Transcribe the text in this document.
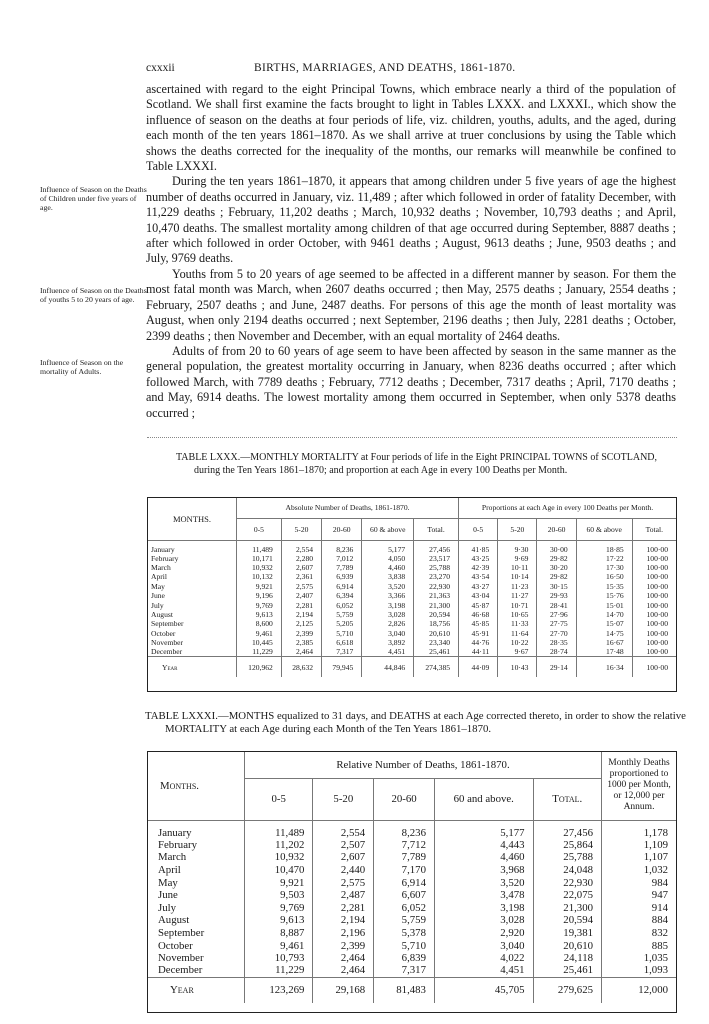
cxxxii	BIRTHS, MARRIAGES, AND DEATHS, 1861-1870.

ascertained with regard to the eight Principal Towns, which embrace nearly a third of the population of Scotland. We shall first examine the facts brought to light in Tables LXXX. and LXXXI., which show the influence of season on the deaths at four periods of life, viz. children, youths, adults, and the aged, during each month of the ten years 1861–1870. As we shall arrive at truer conclusions by using the Table which shows the deaths corrected for the inequality of the months, our remarks will meanwhile be confined to Table LXXXI.

During the ten years 1861–1870, it appears that among children under 5 five years of age the highest number of deaths occurred in January, viz. 11,489 ; after which followed in order of fatality December, with 11,229 deaths ; February, 11,202 deaths ; March, 10,932 deaths ; November, 10,793 deaths ; and April, 10,470 deaths. The smallest mortality among children of that age occurred during September, 8887 deaths ; after which followed in order October, with 9461 deaths ; August, 9613 deaths ; June, 9503 deaths ; and July, 9769 deaths.

Youths from 5 to 20 years of age seemed to be affected in a different manner by season. For them the most fatal month was March, when 2607 deaths occurred ; then May, 2575 deaths ; January, 2554 deaths ; February, 2507 deaths ; and June, 2487 deaths. For persons of this age the month of least mortality was August, when only 2194 deaths occurred ; next September, 2196 deaths ; then July, 2281 deaths ; October, 2399 deaths ; then November and December, with an equal mortality of 2464 deaths.

Adults of from 20 to 60 years of age seem to have been affected by season in the same manner as the general population, the greatest mortality occurring in January, when 8236 deaths occurred ; after which followed March, with 7789 deaths ; February, 7712 deaths ; December, 7317 deaths ; April, 7170 deaths ; and May, 6914 deaths. The lowest mortality among them occurred in September, when only 5378 deaths occurred ;

Influence of Season on the Deaths of Children under five years of age.
Influence of Season on the Deaths of youths 5 to 20 years of age.
Influence of Season on the mortality of Adults.
TABLE LXXX.—MONTHLY MORTALITY at Four periods of life in the Eight PRINCIPAL TOWNS of SCOTLAND, during the Ten Years 1861–1870; and proportion at each Age in every 100 Deaths per Month.
MONTHS.	Absolute Number of Deaths, 1861-1870.					Proportions at each Age in every 100 Deaths per Month.				
	0-5	5-20	20-60	60 & above	Total.	0-5	5-20	20-60	60 & above	Total.
January	11,489	2,554	8,236	5,177	27,456	41·85	9·30	30·00	18·85	100·00
February	10,171	2,280	7,012	4,050	23,517	43·25	9·69	29·82	17·22	100·00
March	10,932	2,607	7,789	4,460	25,788	42·39	10·11	30·20	17·30	100·00
April	10,132	2,361	6,939	3,838	23,270	43·54	10·14	29·82	16·50	100·00
May	9,921	2,575	6,914	3,520	22,930	43·27	11·23	30·15	15·35	100·00
June	9,196	2,407	6,394	3,366	21,363	43·04	11·27	29·93	15·76	100·00
July	9,769	2,281	6,052	3,198	21,300	45·87	10·71	28·41	15·01	100·00
August	9,613	2,194	5,759	3,028	20,594	46·68	10·65	27·96	14·70	100·00
September	8,600	2,125	5,205	2,826	18,756	45·85	11·33	27·75	15·07	100·00
October	9,461	2,399	5,710	3,040	20,610	45·91	11·64	27·70	14·75	100·00
November	10,445	2,385	6,618	3,892	23,340	44·76	10·22	28·35	16·67	100·00
December	11,229	2,464	7,317	4,451	25,461	44·11	9·67	28·74	17·48	100·00
Year	120,962	28,632	79,945	44,846	274,385	44·09	10·43	29·14	16·34	100·00
TABLE LXXXI.—MONTHS equalized to 31 days, and DEATHS at each Age corrected thereto, in order to show the relative MORTALITY at each Age during each Month of the Ten Years 1861–1870.
Months.	Relative Number of Deaths, 1861-1870.					Monthly Deaths proportioned to 1000 per Month, or 12,000 per Annum.
	0-5	5-20	20-60	60 and above.	Total.	
January	11,489	2,554	8,236	5,177	27,456	1,178
February	11,202	2,507	7,712	4,443	25,864	1,109
March	10,932	2,607	7,789	4,460	25,788	1,107
April	10,470	2,440	7,170	3,968	24,048	1,032
May	9,921	2,575	6,914	3,520	22,930	984
June	9,503	2,487	6,607	3,478	22,075	947
July	9,769	2,281	6,052	3,198	21,300	914
August	9,613	2,194	5,759	3,028	20,594	884
September	8,887	2,196	5,378	2,920	19,381	832
October	9,461	2,399	5,710	3,040	20,610	885
November	10,793	2,464	6,839	4,022	24,118	1,035
December	11,229	2,464	7,317	4,451	25,461	1,093
Year	123,269	29,168	81,483	45,705	279,625	12,000
